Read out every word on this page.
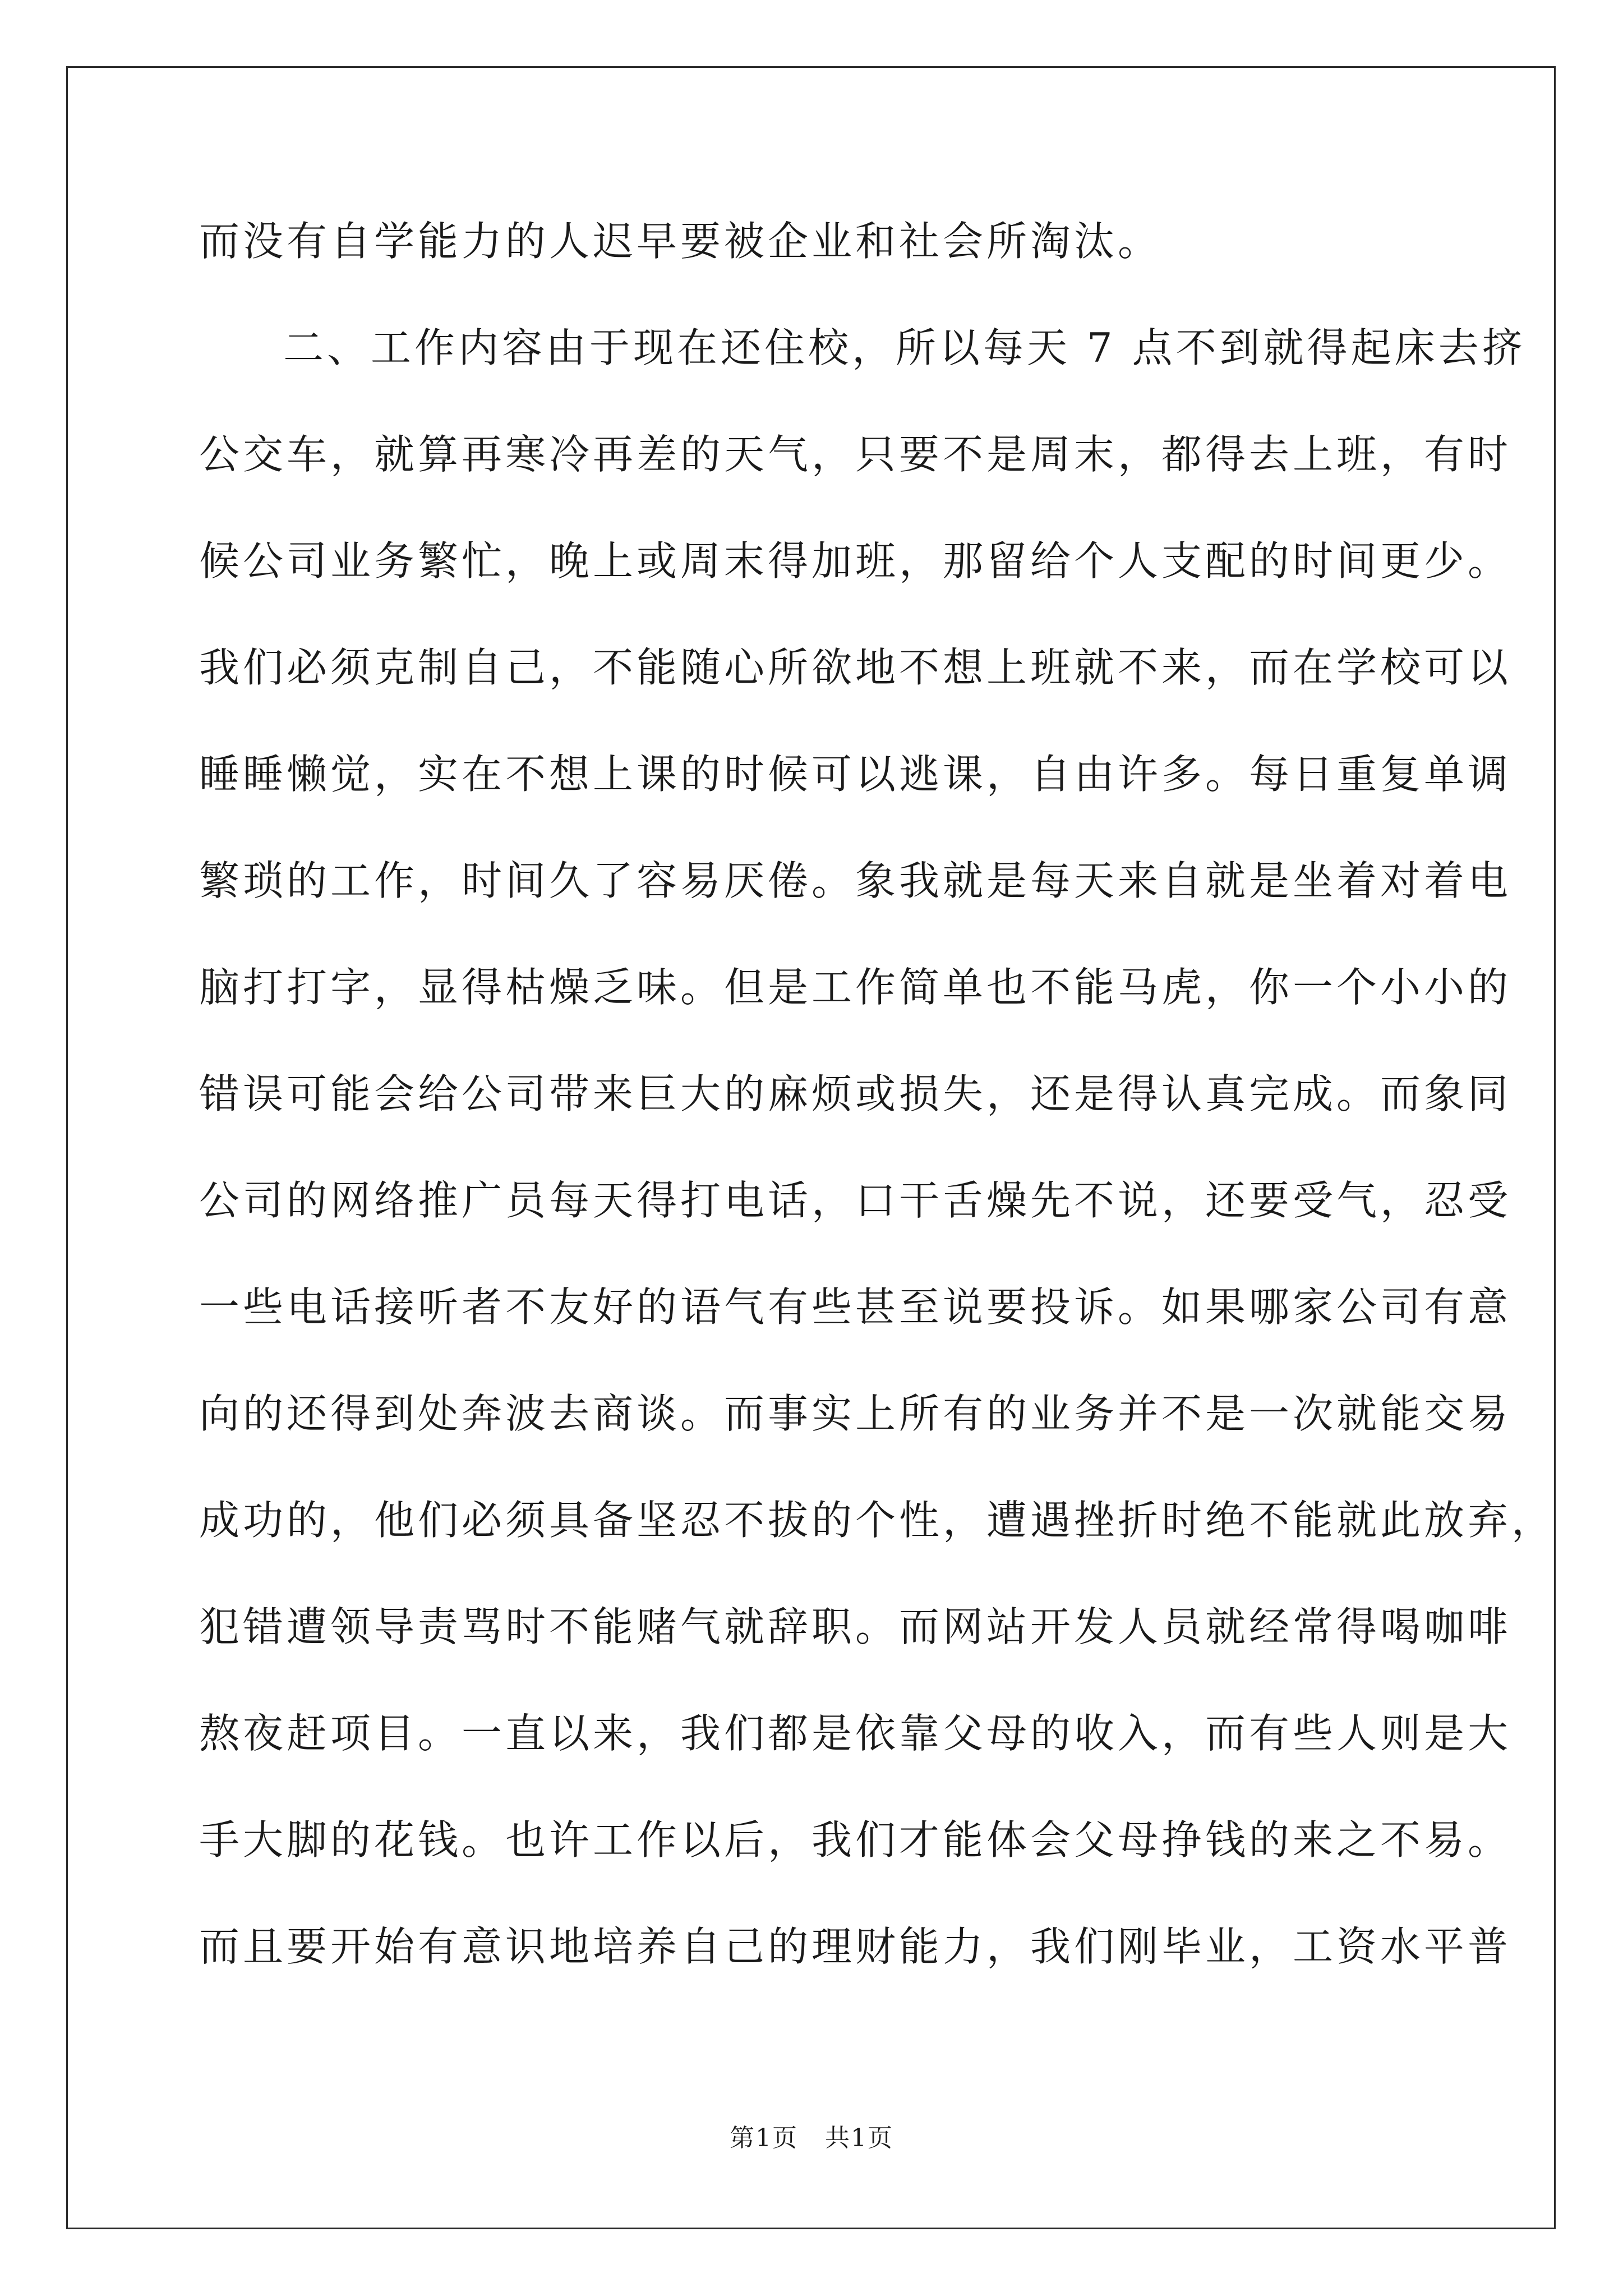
而没有自学能力的人迟早要被企业和社会所淘汰。
二、工作内容由于现在还住校，所以每天 7 点不到就得起床去挤
公交车，就算再寒冷再差的天气，只要不是周末，都得去上班，有时
候公司业务繁忙，晚上或周末得加班，那留给个人支配的时间更少。
我们必须克制自己，不能随心所欲地不想上班就不来，而在学校可以
睡睡懒觉，实在不想上课的时候可以逃课，自由许多。每日重复单调
繁琐的工作，时间久了容易厌倦。象我就是每天来自就是坐着对着电
脑打打字，显得枯燥乏味。但是工作简单也不能马虎，你一个小小的
错误可能会给公司带来巨大的麻烦或损失，还是得认真完成。而象同
公司的网络推广员每天得打电话，口干舌燥先不说，还要受气，忍受
一些电话接听者不友好的语气有些甚至说要投诉。如果哪家公司有意
向的还得到处奔波去商谈。而事实上所有的业务并不是一次就能交易
成功的，他们必须具备坚忍不拔的个性，遭遇挫折时绝不能就此放弃，
犯错遭领导责骂时不能赌气就辞职。而网站开发人员就经常得喝咖啡
熬夜赶项目。一直以来，我们都是依靠父母的收入，而有些人则是大
手大脚的花钱。也许工作以后，我们才能体会父母挣钱的来之不易。
而且要开始有意识地培养自己的理财能力，我们刚毕业，工资水平普
第1页   共1页
